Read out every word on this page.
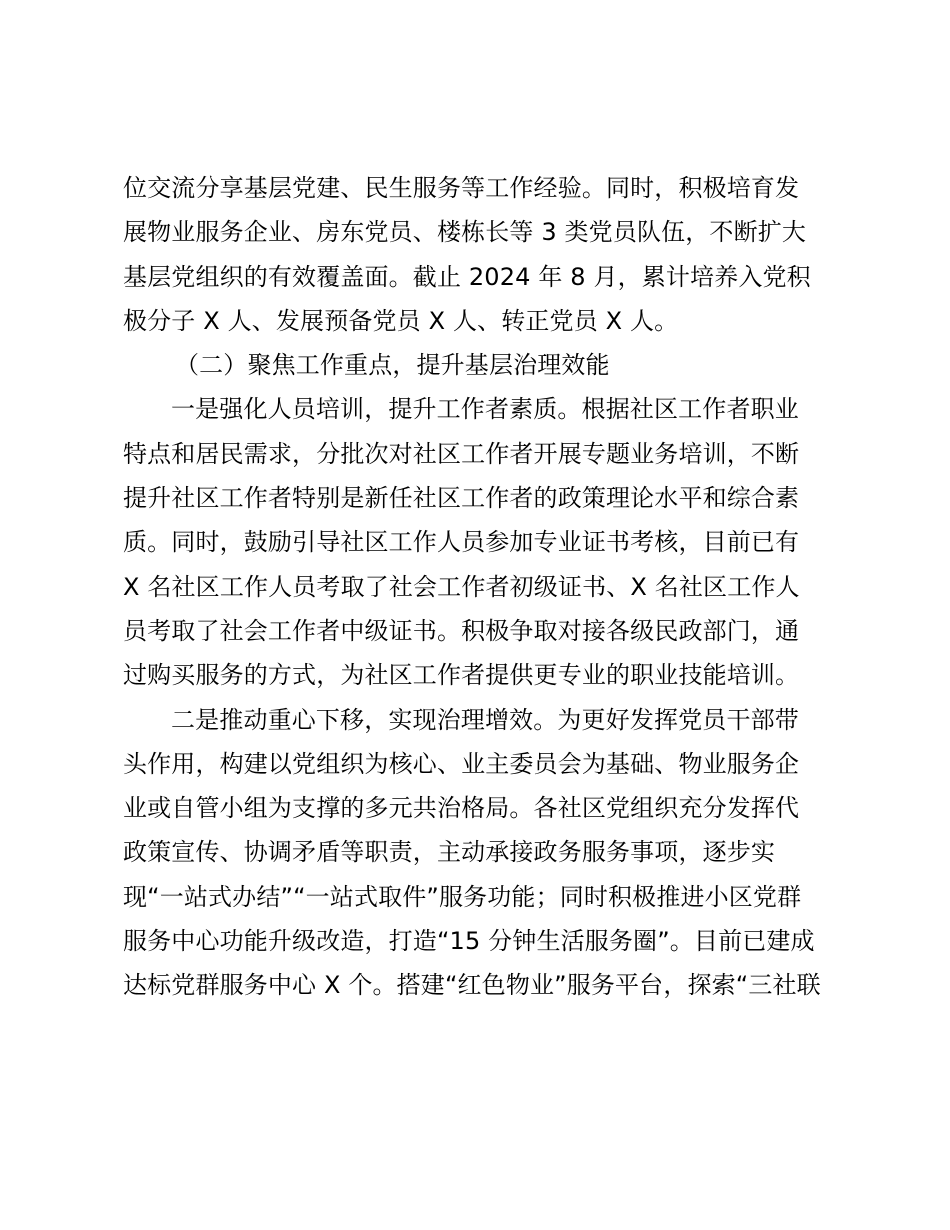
位交流分享基层党建、民生服务等工作经验。同时，积极培育发
展物业服务企业、房东党员、楼栋长等 3 类党员队伍，不断扩大
基层党组织的有效覆盖面。截止 2024 年 8 月，累计培养入党积
极分子 X 人、发展预备党员 X 人、转正党员 X 人。
（二）聚焦工作重点，提升基层治理效能
一是强化人员培训，提升工作者素质。根据社区工作者职业
特点和居民需求，分批次对社区工作者开展专题业务培训，不断
提升社区工作者特别是新任社区工作者的政策理论水平和综合素
质。同时，鼓励引导社区工作人员参加专业证书考核，目前已有
X 名社区工作人员考取了社会工作者初级证书、X 名社区工作人
员考取了社会工作者中级证书。积极争取对接各级民政部门，通
过购买服务的方式，为社区工作者提供更专业的职业技能培训。
二是推动重心下移，实现治理增效。为更好发挥党员干部带
头作用，构建以党组织为核心、业主委员会为基础、物业服务企
业或自管小组为支撑的多元共治格局。各社区党组织充分发挥代
政策宣传、协调矛盾等职责，主动承接政务服务事项，逐步实
现“一站式办结”“一站式取件”服务功能；同时积极推进小区党群
服务中心功能升级改造，打造“15 分钟生活服务圈”。目前已建成
达标党群服务中心 X 个。搭建“红色物业”服务平台，探索“三社联
